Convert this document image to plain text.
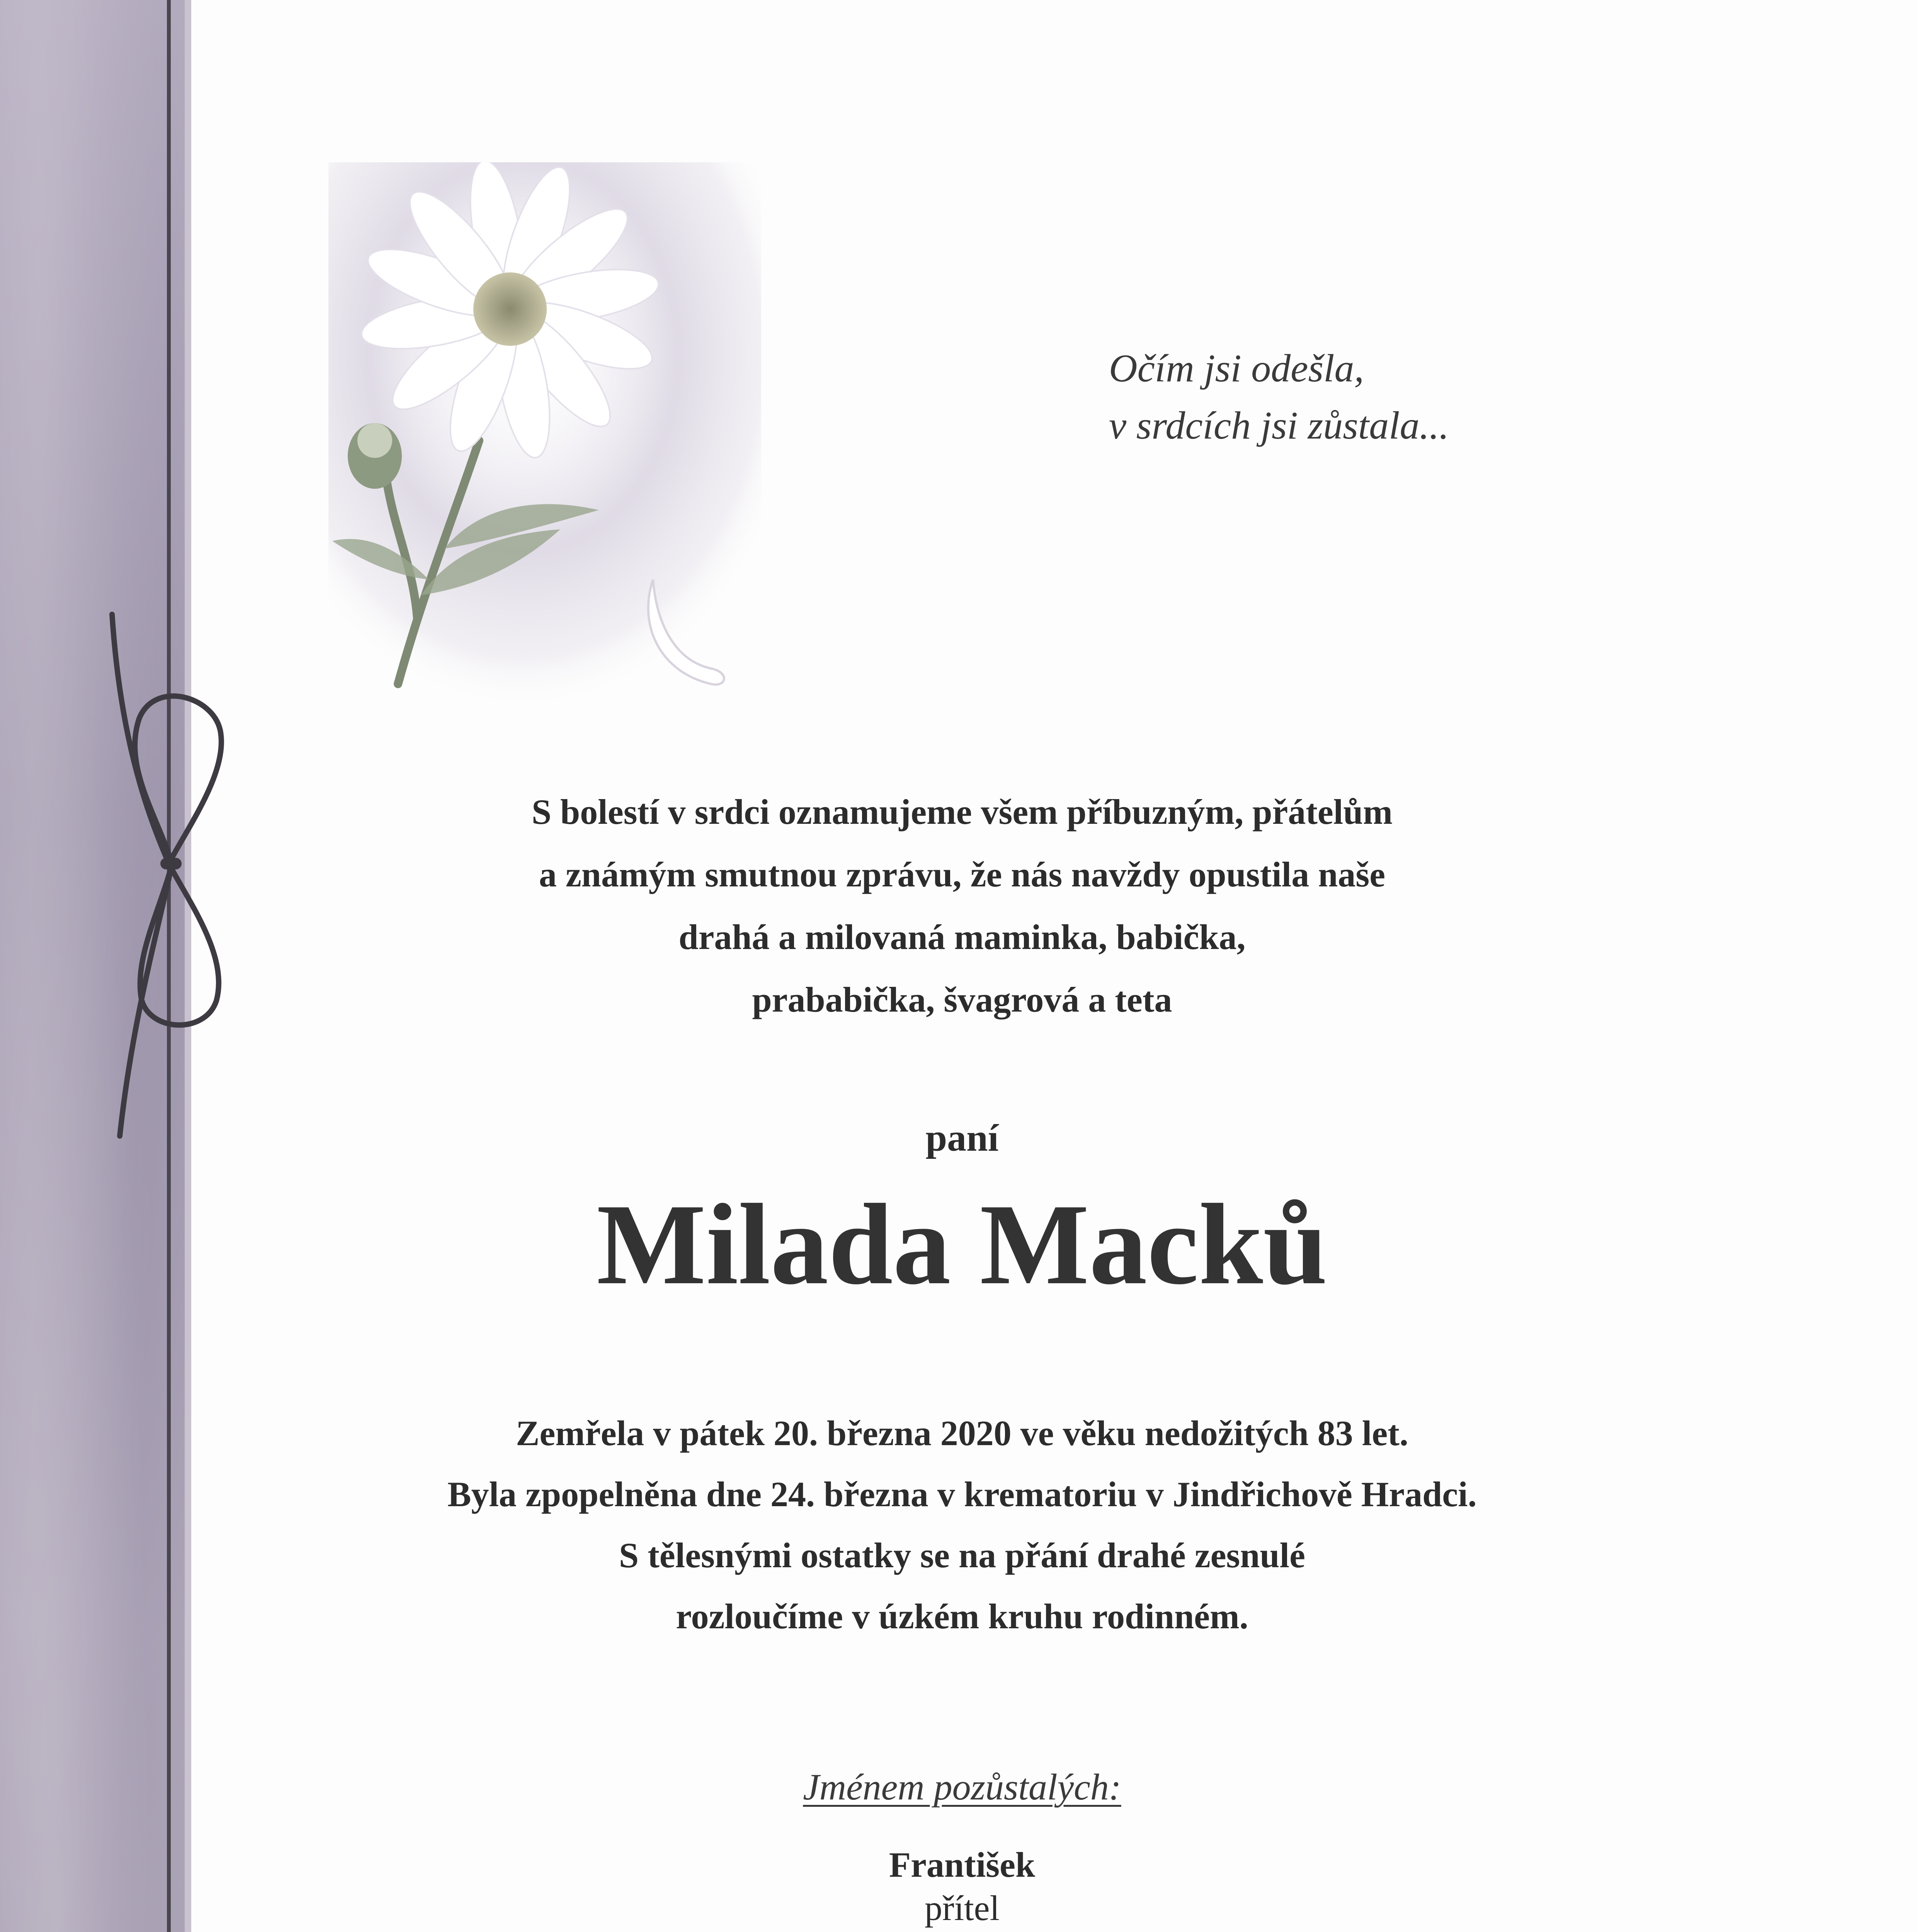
Očím jsi odešla,
v srdcích jsi zůstala...
S bolestí v srdci oznamujeme všem příbuzným, přátelům
a známým smutnou zprávu, že nás navždy opustila naše
drahá a milovaná maminka, babička,
prababička, švagrová a teta
paní
Milada Macků
Zemřela v pátek 20. března 2020 ve věku nedožitých 83 let.
Byla zpopelněna dne 24. března v krematoriu v Jindřichově Hradci.
S tělesnými ostatky se na přání drahé zesnulé
rozloučíme v úzkém kruhu rodinném.
Jménem pozůstalých:
František
přítel
